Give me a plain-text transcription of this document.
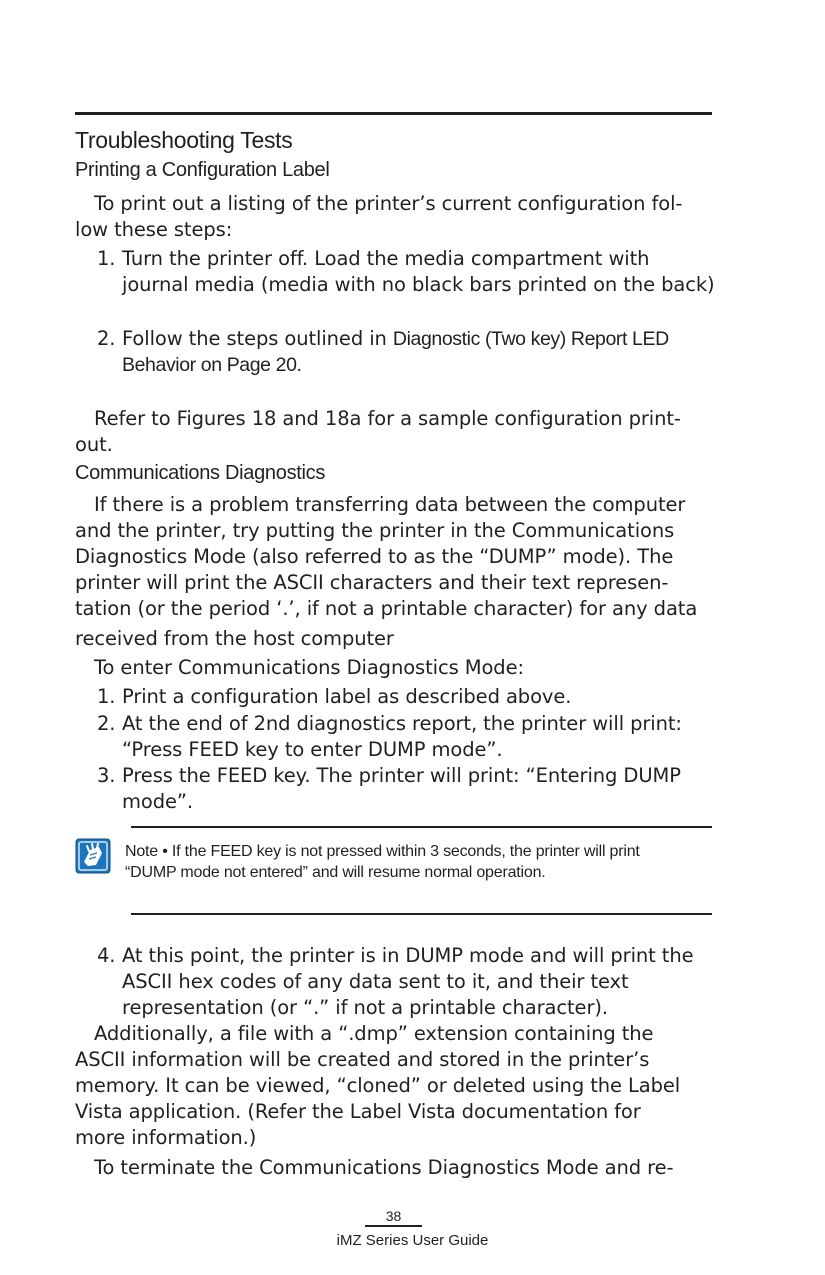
Troubleshooting Tests
Printing a Configuration Label

To print out a listing of the printer’s current configuration fol-

low these steps:

1. Turn the printer off. Load the media compartment with journal media (media with no black bars printed on the back)
2. Follow the steps outlined in Diagnostic (Two key) Report LED Behavior on Page 20.

Refer to Figures 18 and 18a for a sample configuration print-

out.

Communications Diagnostics

If there is a problem transferring data between the computer

and the printer, try putting the printer in the Communications

Diagnostics Mode (also referred to as the “DUMP” mode). The

printer will print the ASCII characters and their text represen-

tation (or the period ‘.’, if not a printable character) for any data

received from the host computer

To enter Communications Diagnostics Mode:

1. Print a configuration label as described above.
2. At the end of 2nd diagnostics report, the printer will print: “Press FEED key to enter DUMP mode”.
3. Press the FEED key. The printer will print: “Entering DUMP mode”.

Note • If the FEED key is not pressed within 3 seconds, the printer will print “DUMP mode not entered” and will resume normal operation.

4. At this point, the printer is in DUMP mode and will print the ASCII hex codes of any data sent to it, and their text representation (or “.” if not a printable character).

Additionally, a file with a “.dmp” extension containing the

ASCII information will be created and stored in the printer’s

memory. It can be viewed, “cloned” or deleted using the Label

Vista application. (Refer the Label Vista documentation for

more information.)

To terminate the Communications Diagnostics Mode and re-

38
iMZ Series User Guide
